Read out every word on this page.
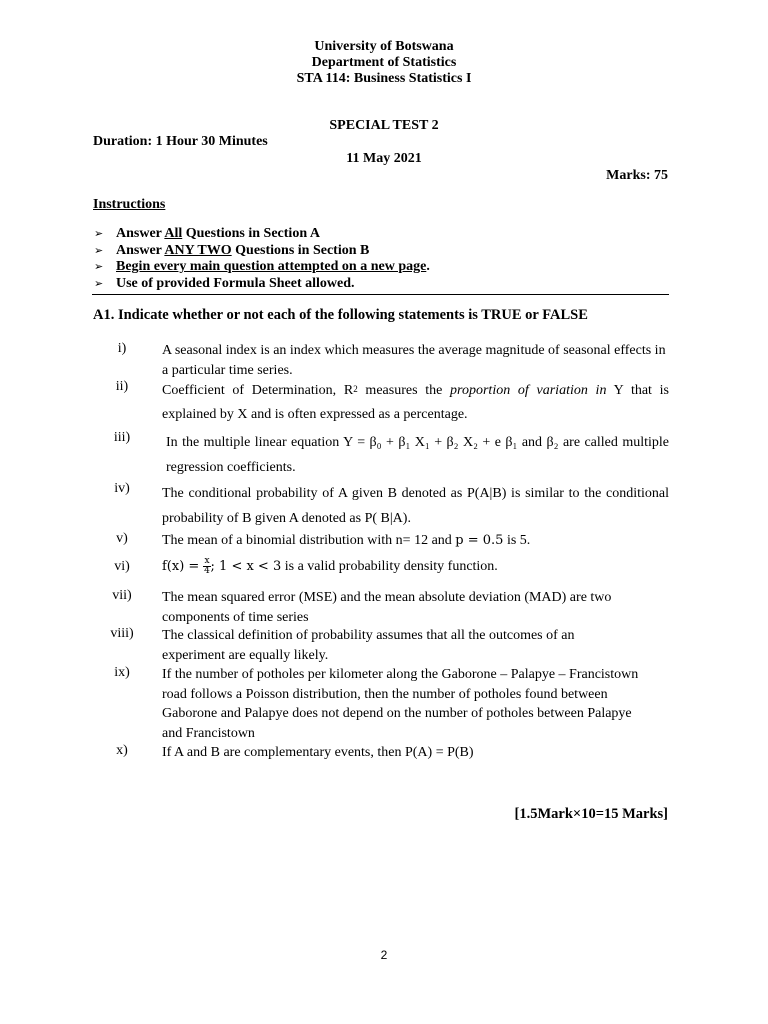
University of Botswana
Department of Statistics
STA 114: Business Statistics I
SPECIAL TEST 2
Duration: 1 Hour 30 Minutes
11 May 2021
Marks: 75
Instructions
➢ Answer All Questions in Section A
➢ Answer ANY TWO Questions in Section B
➢ Begin every main question attempted on a new page.
➢ Use of provided Formula Sheet allowed.
A1. Indicate whether or not each of the following statements is TRUE or FALSE
i)	A seasonal index is an index which measures the average magnitude of seasonal effects in a particular time series.
ii)	Coefficient of Determination, $R^2$ measures the proportion of variation in Y that is explained by X and is often expressed as a percentage.
iii)	In the multiple linear equation Y = β₀ + β₁ X₁ + β₂ X₂ + e β₁ and β₂ are called multiple regression coefficients.
iv)	The conditional probability of A given B denoted as P(A|B) is similar to the conditional probability of B given A denoted as P( B|A).
v)	The mean of a binomial distribution with n= 12 and p = 0.5 is 5.
vi)	$f(x) = \frac{x}{4}$ ; 1 < x < 3 is a valid probability density function.
vii)	The mean squared error (MSE) and the mean absolute deviation (MAD) are two components of time series
viii)	The classical definition of probability assumes that all the outcomes of an experiment are equally likely.
ix)	If the number of potholes per kilometer along the Gaborone – Palapye – Francistown road follows a Poisson distribution, then the number of potholes found between Gaborone and Palapye does not depend on the number of potholes between Palapye and Francistown
x)	If A and B are complementary events, then P(A) = P(B)
[1.5Mark×10=15 Marks]
2
